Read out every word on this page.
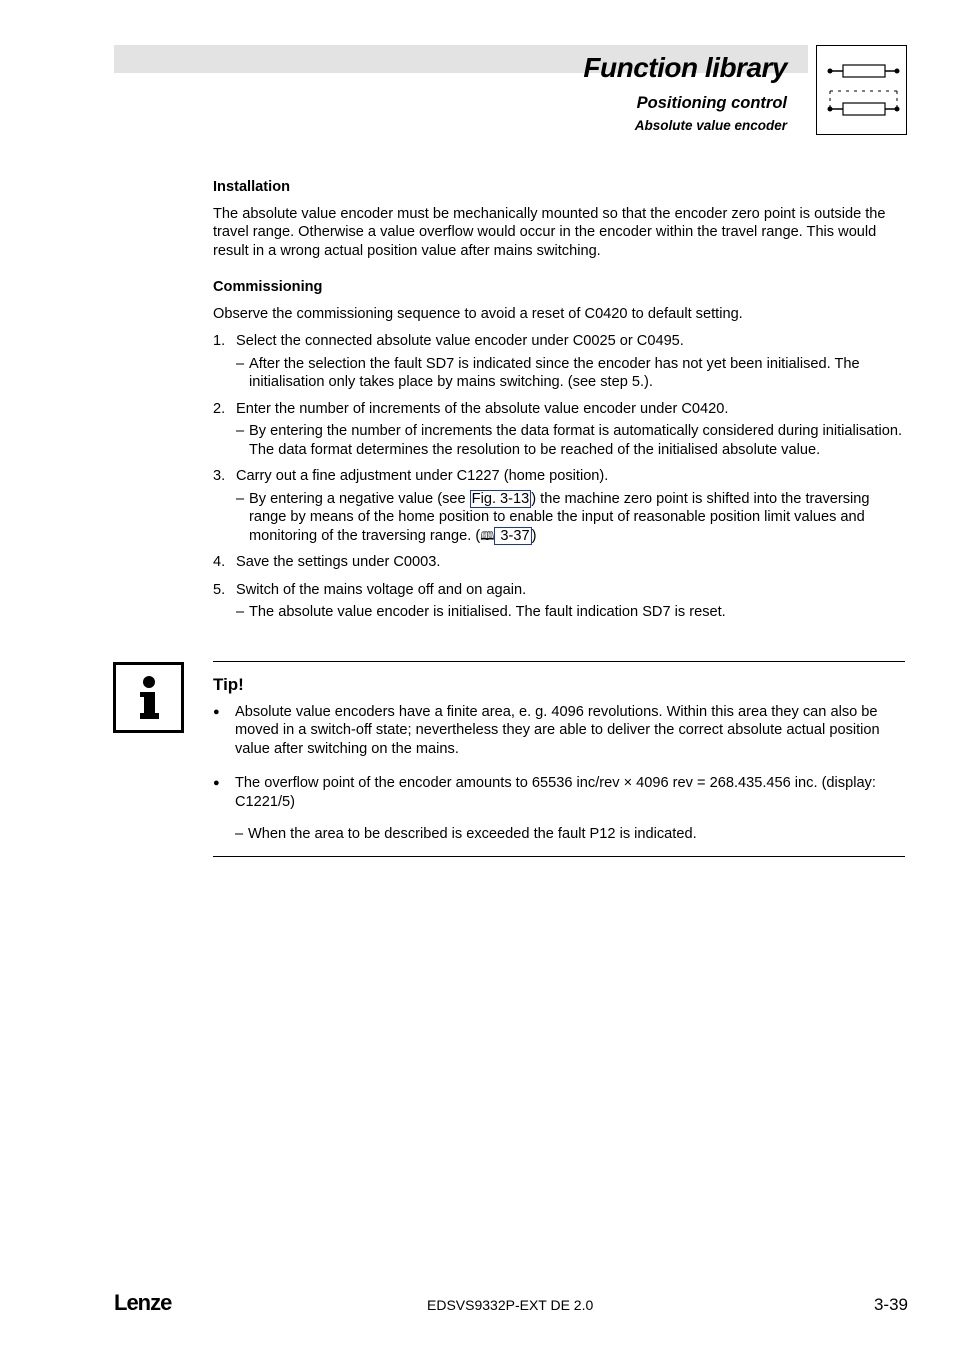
Function library
Positioning control
Absolute value encoder
Installation
The absolute value encoder must be mechanically mounted so that the encoder zero point is outside the travel range. Otherwise a value overflow would occur in the encoder within the travel range. This would result in a wrong actual position value after mains switching.
Commissioning
Observe the commissioning sequence to avoid a reset of C0420 to default setting.
1. Select the connected absolute value encoder under C0025 or C0495.
– After the selection the fault SD7 is indicated since the encoder has not yet been initialised. The initialisation only takes place by mains switching. (see step 5.).
2. Enter the number of increments of the absolute value encoder under C0420.
– By entering the number of increments the data format is automatically considered during initialisation. The data format determines the resolution to be reached of the initialised absolute value.
3. Carry out a fine adjustment under C1227 (home position).
– By entering a negative value (see Fig. 3-13 ) the machine zero point is shifted into the traversing range by means of the home position to enable the input of reasonable position limit values and monitoring of the traversing range. (🕮 3-37 )
4. Save the settings under C0003.
5. Switch of the mains voltage off and on again.
– The absolute value encoder is initialised. The fault indication SD7 is reset.
Tip!
●	Absolute value encoders have a finite area, e. g. 4096 revolutions. Within this area they can also be moved in a switch-off state; nevertheless they are able to deliver the correct absolute actual position value after switching on the mains.
●	The overflow point of the encoder amounts to 65536 inc/rev × 4096 rev = 268.435.456 inc. (display: C1221/5)
– When the area to be described is exceeded the fault P12 is indicated.
Lenze	EDSVS9332P-EXT DE 2.0	3-39
